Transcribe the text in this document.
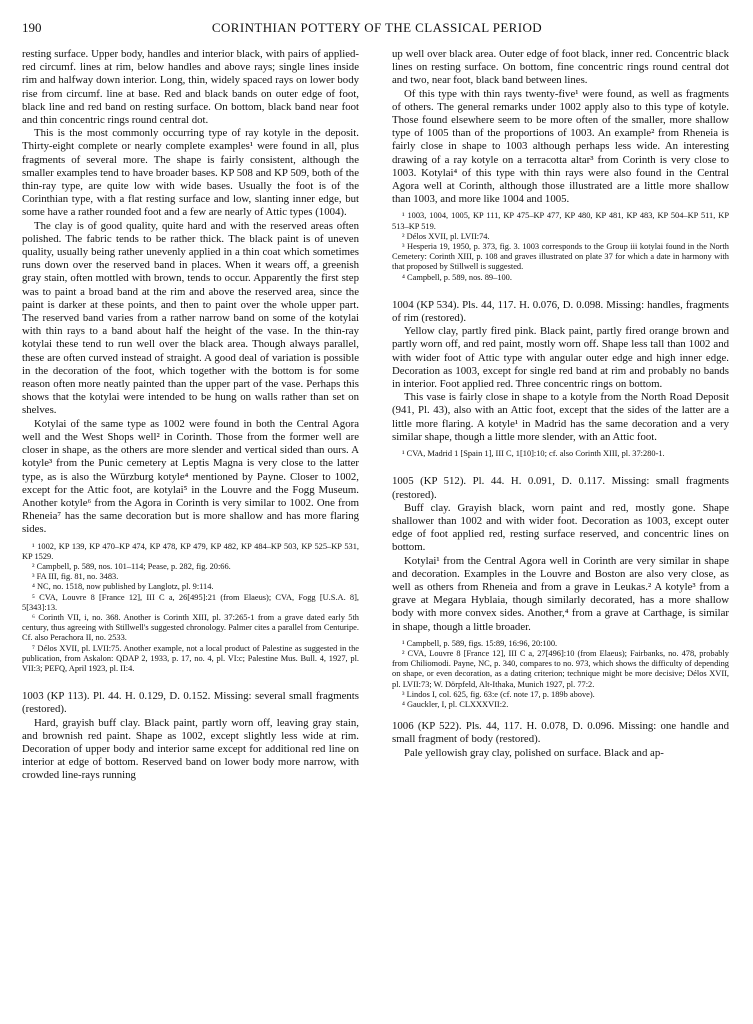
190	CORINTHIAN POTTERY OF THE CLASSICAL PERIOD

resting surface. Upper body, handles and interior black, with pairs of applied-red circumf. lines at rim, below handles and above rays; single lines inside rim and halfway down interior. Long, thin, widely spaced rays on lower body rise from circumf. line at base. Red and black bands on outer edge of foot, black line and red band on resting surface. On bottom, black band near foot and thin concentric rings round central dot.

This is the most commonly occurring type of ray kotyle in the deposit. Thirty-eight complete or nearly complete examples¹ were found in all, plus fragments of several more. The shape is fairly consistent, although the smaller examples tend to have broader bases. KP 508 and KP 509, both of the thin-ray type, are quite low with wide bases. Usually the foot is of the Corinthian type, with a flat resting surface and low, slanting inner edge, but some have a rather rounded foot and a few are nearly of Attic types (1004).

The clay is of good quality, quite hard and with the reserved areas often polished. The fabric tends to be rather thick. The black paint is of uneven quality, usually being rather unevenly applied in a thin coat which sometimes runs down over the reserved band in places. When it wears off, a greenish gray stain, often mottled with brown, tends to occur. Apparently the first step was to paint a broad band at the rim and above the reserved area, since the paint is darker at these points, and then to paint over the whole upper part. The reserved band varies from a rather narrow band on some of the kotylai with thin rays to a band about half the height of the vase. In the thin-ray kotylai these tend to run well over the black area. Though always parallel, these are often curved instead of straight. A good deal of variation is possible in the decoration of the foot, which together with the bottom is for some reason often more neatly painted than the upper part of the vase. Perhaps this shows that the kotylai were intended to be hung on walls rather than set on shelves.

Kotylai of the same type as 1002 were found in both the Central Agora well and the West Shops well² in Corinth. Those from the former well are closer in shape, as the others are more slender and vertical sided than ours. A kotyle³ from the Punic cemetery at Leptis Magna is very close to the latter type, as is also the Würzburg kotyle⁴ mentioned by Payne. Closer to 1002, except for the Attic foot, are kotylai⁵ in the Louvre and the Fogg Museum. Another kotyle⁶ from the Agora in Corinth is very similar to 1002. One from Rheneia⁷ has the same decoration but is more shallow and has more flaring sides.

¹ 1002, KP 139, KP 470–KP 474, KP 478, KP 479, KP 482, KP 484–KP 503, KP 525–KP 531, KP 1529.

² Campbell, p. 589, nos. 101–114; Pease, p. 282, fig. 20:66.

³ FA III, fig. 81, no. 3483.

⁴ NC, no. 1518, now published by Langlotz, pl. 9:114.

⁵ CVA, Louvre 8 [France 12], III C a, 26[495]:21 (from Elaeus); CVA, Fogg [U.S.A. 8], 5[343]:13.

⁶ Corinth VII, i, no. 368. Another is Corinth XIII, pl. 37:265-1 from a grave dated early 5th century, thus agreeing with Stillwell's suggested chronology. Palmer cites a parallel from Centuripe. Cf. also Perachora II, no. 2533.

⁷ Délos XVII, pl. LVII:75. Another example, not a local product of Palestine as suggested in the publication, from Askalon: QDAP 2, 1933, p. 17, no. 4, pl. VI:c; Palestine Mus. Bull. 4, 1927, pl. VII:3; PEFQ, April 1923, pl. II:4.

1003 (KP 113). Pl. 44. H. 0.129, D. 0.152. Missing: several small fragments (restored).

Hard, grayish buff clay. Black paint, partly worn off, leaving gray stain, and brownish red paint. Shape as 1002, except slightly less wide at rim. Decoration of upper body and interior same except for additional red line on interior at edge of bottom. Reserved band on lower body more narrow, with crowded line-rays running

up well over black area. Outer edge of foot black, inner red. Concentric black lines on resting surface. On bottom, fine concentric rings round central dot and two, near foot, black band between lines.

Of this type with thin rays twenty-five¹ were found, as well as fragments of others. The general remarks under 1002 apply also to this type of kotyle. Those found elsewhere seem to be more often of the smaller, more shallow type of 1005 than of the proportions of 1003. An example² from Rheneia is fairly close in shape to 1003 although perhaps less wide. An interesting drawing of a ray kotyle on a terracotta altar³ from Corinth is very close to 1003. Kotylai⁴ of this type with thin rays were also found in the Central Agora well at Corinth, although those illustrated are a little more shallow than 1003, and more like 1004 and 1005.

¹ 1003, 1004, 1005, KP 111, KP 475–KP 477, KP 480, KP 481, KP 483, KP 504–KP 511, KP 513–KP 519.

² Délos XVII, pl. LVII:74.

³ Hesperia 19, 1950, p. 373, fig. 3. 1003 corresponds to the Group iii kotylai found in the North Cemetery: Corinth XIII, p. 108 and graves illustrated on plate 37 for which a date in harmony with that proposed by Stillwell is suggested.

⁴ Campbell, p. 589, nos. 89–100.

1004 (KP 534). Pls. 44, 117. H. 0.076, D. 0.098. Missing: handles, fragments of rim (restored).

Yellow clay, partly fired pink. Black paint, partly fired orange brown and partly worn off, and red paint, mostly worn off. Shape less tall than 1002 and with wider foot of Attic type with angular outer edge and high inner edge. Decoration as 1003, except for single red band at rim and probably no bands in interior. Foot applied red. Three concentric rings on bottom.

This vase is fairly close in shape to a kotyle from the North Road Deposit (941, Pl. 43), also with an Attic foot, except that the sides of the latter are a little more flaring. A kotyle¹ in Madrid has the same decoration and a very similar shape, though a little more slender, with an Attic foot.

¹ CVA, Madrid 1 [Spain 1], III C, 1[10]:10; cf. also Corinth XIII, pl. 37:280-1.

1005 (KP 512). Pl. 44. H. 0.091, D. 0.117. Missing: small fragments (restored).

Buff clay. Grayish black, worn paint and red, mostly gone. Shape shallower than 1002 and with wider foot. Decoration as 1003, except outer edge of foot applied red, resting surface reserved, and concentric lines on bottom.

Kotylai¹ from the Central Agora well in Corinth are very similar in shape and decoration. Examples in the Louvre and Boston are also very close, as well as others from Rheneia and from a grave in Leukas.² A kotyle³ from a grave at Megara Hyblaia, though similarly decorated, has a more shallow body with more convex sides. Another,⁴ from a grave at Carthage, is similar in shape, though a little broader.

¹ Campbell, p. 589, figs. 15:89, 16:96, 20:100.

² CVA, Louvre 8 [France 12], III C a, 27[496]:10 (from Elaeus); Fairbanks, no. 478, probably from Chiliomodi. Payne, NC, p. 340, compares to no. 973, which shows the difficulty of depending on shape, or even decoration, as a dating criterion; technique might be more decisive; Délos XVII, pl. LVII:73; W. Dörpfeld, Alt-Ithaka, Munich 1927, pl. 77:2.

³ Lindos I, col. 625, fig. 63:e (cf. note 17, p. 189b above).

⁴ Gauckler, I, pl. CLXXXVII:2.

1006 (KP 522). Pls. 44, 117. H. 0.078, D. 0.096. Missing: one handle and small fragment of body (restored).

Pale yellowish gray clay, polished on surface. Black and ap-
